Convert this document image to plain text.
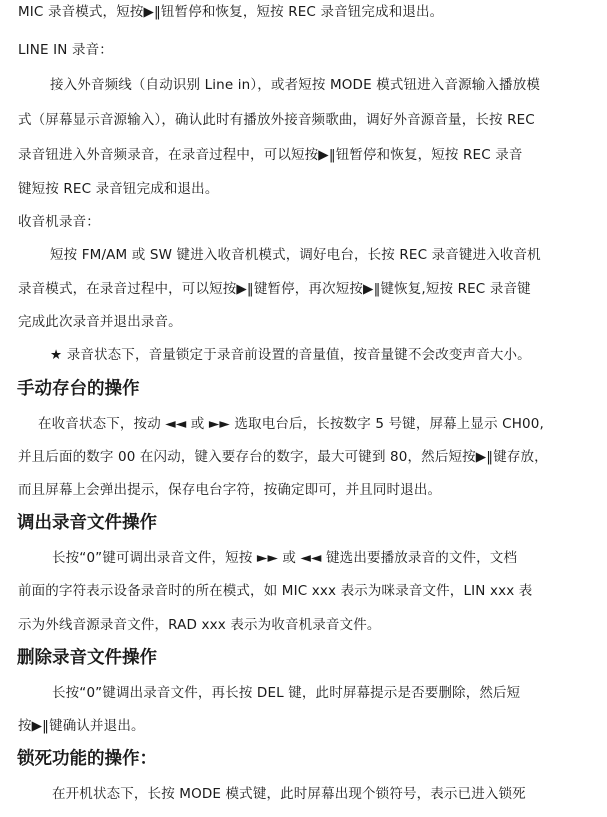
MIC 录音模式，短按▶‖钮暂停和恢复，短按 REC 录音钮完成和退出。
LINE IN 录音：
接入外音频线（自动识别 Line in），或者短按 MODE 模式钮进入音源输入播放模
式（屏幕显示音源输入），确认此时有播放外接音频歌曲，调好外音源音量，长按 REC
录音钮进入外音频录音，在录音过程中，可以短按▶‖钮暂停和恢复，短按 REC 录音
键短按 REC 录音钮完成和退出。
收音机录音：
短按 FM/AM 或 SW 键进入收音机模式，调好电台，长按 REC 录音键进入收音机
录音模式，在录音过程中，可以短按▶‖键暂停，再次短按▶‖键恢复,短按 REC 录音键
完成此次录音并退出录音。
★ 录音状态下，音量锁定于录音前设置的音量值，按音量键不会改变声音大小。
手动存台的操作
在收音状态下，按动 ◄◄ 或 ►► 选取电台后，长按数字 5 号键，屏幕上显示 CH00,
并且后面的数字 00 在闪动，键入要存台的数字，最大可键到 80，然后短按▶‖键存放，
而且屏幕上会弹出提示，保存电台字符，按确定即可，并且同时退出。
调出录音文件操作
长按“0”键可调出录音文件，短按 ►► 或 ◄◄ 键选出要播放录音的文件，文档
前面的字符表示设备录音时的所在模式，如 MIC xxx 表示为咪录音文件，LIN xxx 表
示为外线音源录音文件，RAD xxx 表示为收音机录音文件。
删除录音文件操作
长按“0”键调出录音文件，再长按 DEL 键，此时屏幕提示是否要删除，然后短
按▶‖键确认并退出。
锁死功能的操作：
在开机状态下，长按 MODE 模式键，此时屏幕出现个锁符号，表示已进入锁死
